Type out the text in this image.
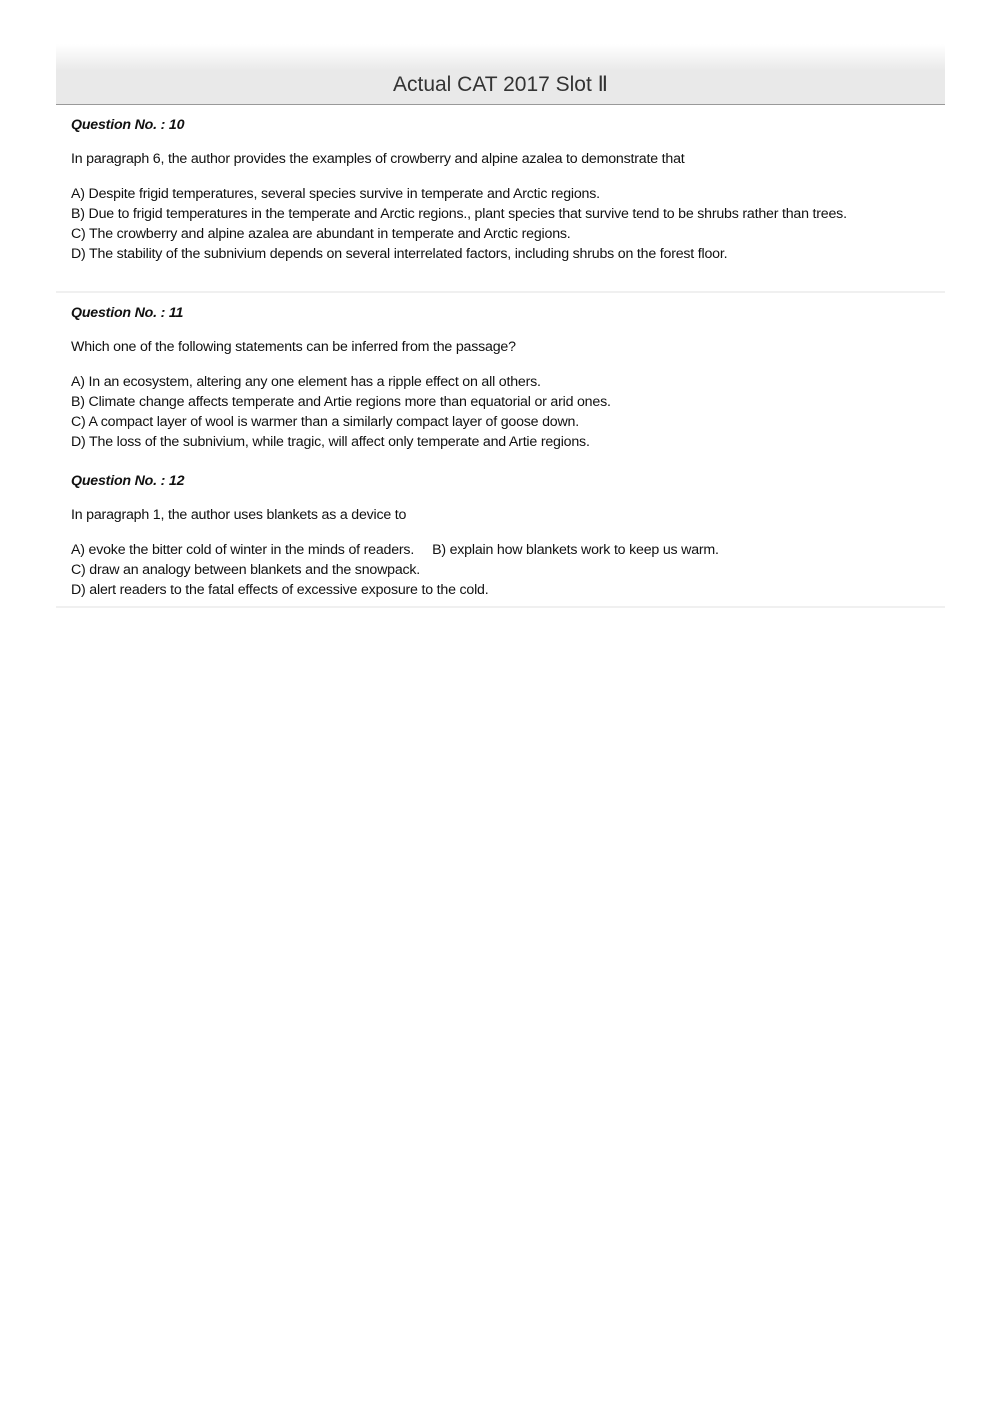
Actual CAT 2017 Slot Ⅱ
Question No. : 10
In paragraph 6, the author provides the examples of crowberry and alpine azalea to demonstrate that
A) Despite frigid temperatures, several species survive in temperate and Arctic regions.
B) Due to frigid temperatures in the temperate and Arctic regions., plant species that survive tend to be shrubs rather than trees.
C) The crowberry and alpine azalea are abundant in temperate and Arctic regions.
D) The stability of the subnivium depends on several interrelated factors, including shrubs on the forest floor.
Question No. : 11
Which one of the following statements can be inferred from the passage?
A) In an ecosystem, altering any one element has a ripple effect on all others.
B) Climate change affects temperate and Artie regions more than equatorial or arid ones.
C) A compact layer of wool is warmer than a similarly compact layer of goose down.
D) The loss of the subnivium, while tragic, will affect only temperate and Artie regions.
Question No. : 12
In paragraph 1, the author uses blankets as a device to
A) evoke the bitter cold of winter in the minds of readers. B) explain how blankets work to keep us warm.
C) draw an analogy between blankets and the snowpack.
D) alert readers to the fatal effects of excessive exposure to the cold.
